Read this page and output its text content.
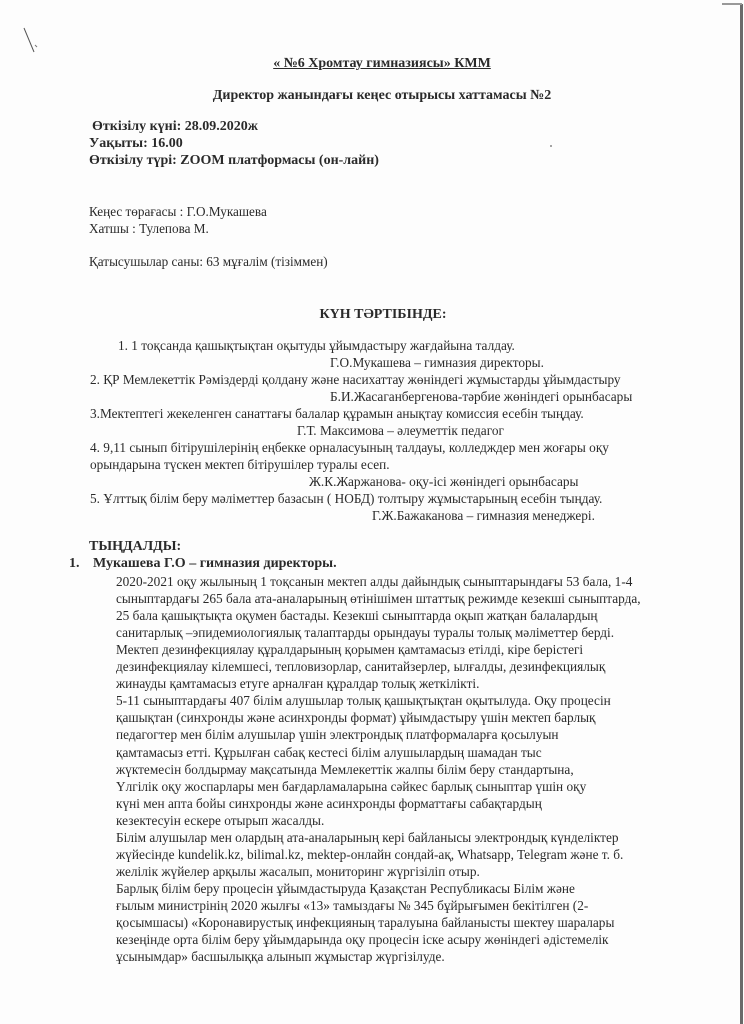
« №6 Хромтау гимназиясы» КММ
Директор жанындағы кеңес отырысы хаттамасы №2
Өткізілу күні: 28.09.2020ж
Уақыты: 16.00
Өткізілу түрі: ZOOM платформасы (он-лайн)
Кеңес төрағасы : Г.О.Мукашева
Хатшы : Тулепова М.
Қатысушылар саны: 63 мұғалім (тізіммен)
КҮН ТӘРТІБІНДЕ:
1. 1 тоқсанда қашықтықтан оқытуды ұйымдастыру жағдайына талдау.
Г.О.Мукашева – гимназия директоры.
2. ҚР Мемлекеттік Рәміздерді қолдану және насихаттау жөніндегі жұмыстарды ұйымдастыру
Б.И.Жасаганбергенова-тәрбие жөніндегі орынбасары
3.Мектептегі жекеленген санаттағы балалар құрамын анықтау комиссия есебін тыңдау.
Г.Т. Максимова – әлеуметтік педагог
4. 9,11 сынып бітірушілерінің еңбекке орналасуының талдауы, колледждер мен жоғары оқу
орындарына түскен мектеп бітірушілер туралы есеп.
Ж.К.Жаржанова- оқу-ісі жөніндегі орынбасары
5. Ұлттық білім беру мәліметтер базасын ( НОБД) толтыру жұмыстарының есебін тыңдау.
Г.Ж.Бажаканова – гимназия менеджері.
ТЫҢДАЛДЫ:
1. Мукашева Г.О – гимназия директоры.
2020-2021 оқу жылының 1 тоқсанын мектеп алды дайындық сыныптарындағы 53 бала, 1-4
сыныптардағы 265 бала ата-аналарының өтінішімен штаттық режимде кезекші сыныптарда,
25 бала қашықтықта оқумен бастады. Кезекші сыныптарда оқып жатқан балалардың
санитарлық –эпидемиологиялық талаптарды орындауы туралы толық мәліметтер берді.
Мектеп дезинфекциялау құралдарының қорымен қамтамасыз етілді, кіре берістегі
дезинфекциялау кілемшесі, тепловизорлар, санитайзерлер, ылғалды, дезинфекциялық
жинауды қамтамасыз етуге арналған құралдар толық жеткілікті.
5-11 сыныптардағы 407 білім алушылар толық қашықтықтан оқытылуда. Оқу процесін
қашықтан (синхронды және асинхронды формат) ұйымдастыру үшін мектеп барлық
педагогтер мен білім алушылар үшін электрондық платформаларға қосылуын
қамтамасыз етті. Құрылған сабақ кестесі білім алушылардың шамадан тыс
жүктемесін болдырмау мақсатында Мемлекеттік жалпы білім беру стандартына,
Үлгілік оқу жоспарлары мен бағдарламаларына сәйкес барлық сыныптар үшін оқу
күні мен апта бойы синхронды және асинхронды форматтағы сабақтардың
кезектесуін ескере отырып жасалды.
Білім алушылар мен олардың ата-аналарының кері байланысы электрондық күнделіктер
жүйесінде kundelik.kz, bilimal.kz, mektep-онлайн сондай-ақ, Whatsapp, Telegram және т. б.
желілік жүйелер арқылы жасалып, мониторинг жүргізіліп отыр.
Барлық білім беру процесін ұйымдастыруда Қазақстан Республикасы Білім және
ғылым министрінің 2020 жылғы «13» тамыздағы № 345 бұйрығымен бекітілген (2-
қосымшасы) «Коронавирустық инфекцияның таралуына байланысты шектеу шаралары
кезеңінде орта білім беру ұйымдарында оқу процесін іске асыру жөніндегі әдістемелік
ұсынымдар» басшылыққа алынып жұмыстар жүргізілуде.
